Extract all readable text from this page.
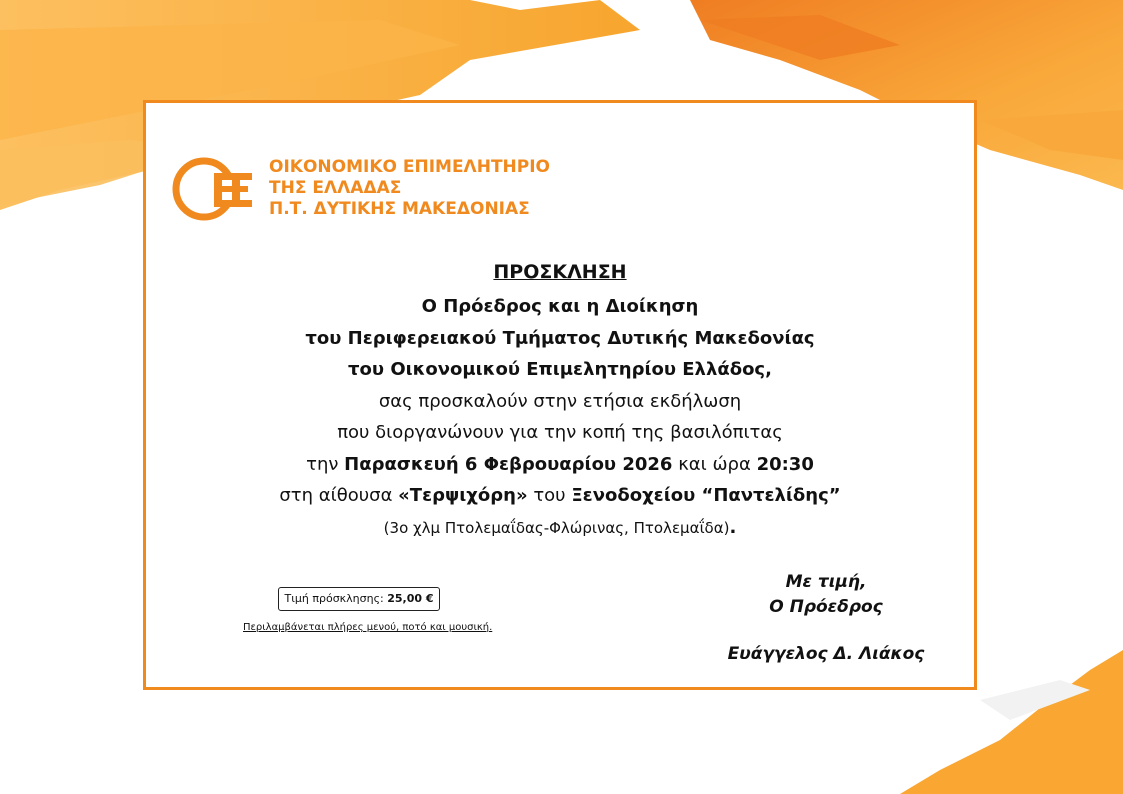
ΟΙΚΟΝΟΜΙΚΟ ΕΠΙΜΕΛΗΤΗΡΙΟ
ΤΗΣ ΕΛΛΑΔΑΣ
Π.Τ. ΔΥΤΙΚΗΣ ΜΑΚΕΔΟΝΙΑΣ
ΠΡΟΣΚΛΗΣΗ
Ο Πρόεδρος και η Διοίκηση
του Περιφερειακού Τμήματος Δυτικής Μακεδονίας
του Οικονομικού Επιμελητηρίου Ελλάδος,
σας προσκαλούν στην ετήσια εκδήλωση
που διοργανώνουν για την κοπή της βασιλόπιτας
την Παρασκευή 6 Φεβρουαρίου 2026 και ώρα 20:30
στη αίθουσα «Τερψιχόρη» του Ξενοδοχείου “Παντελίδης”
(3ο χλμ Πτολεμαΐδας-Φλώρινας, Πτολεμαΐδα).
Τιμή πρόσκλησης: 25,00 €
Περιλαμβάνεται πλήρες μενού, ποτό και μουσική.
Με τιμή,
Ο Πρόεδρος
Ευάγγελος Δ. Λιάκος
